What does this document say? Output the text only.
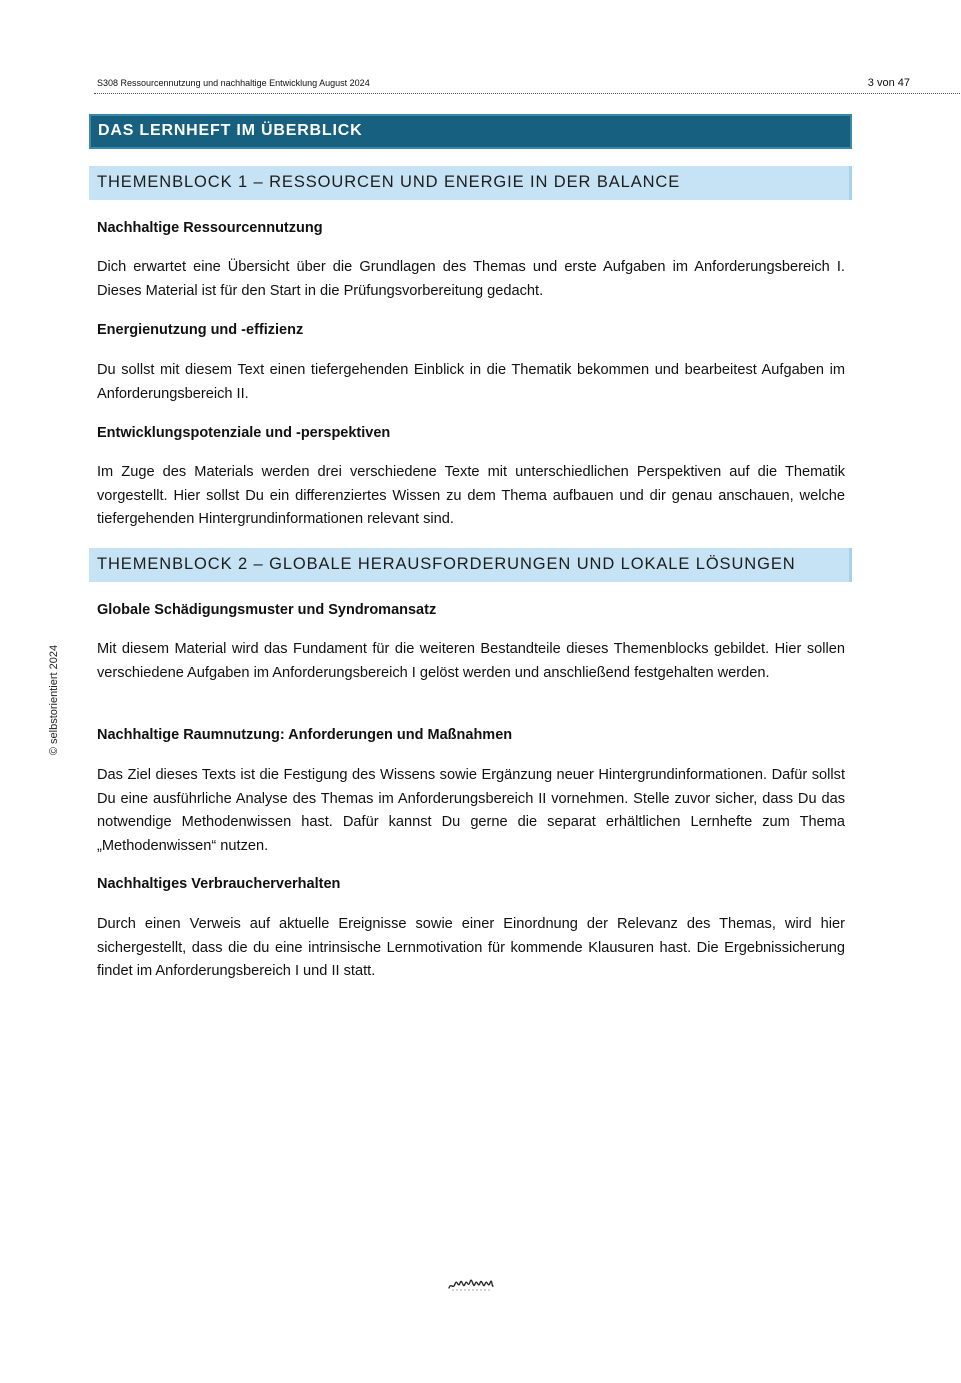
S308 Ressourcennutzung und nachhaltige Entwicklung August 2024	3 von 47
DAS LERNHEFT IM ÜBERBLICK
THEMENBLOCK 1 – RESSOURCEN UND ENERGIE IN DER BALANCE
Nachhaltige Ressourcennutzung

Dich erwartet eine Übersicht über die Grundlagen des Themas und erste Aufgaben im Anforderungsbereich I. Dieses Material ist für den Start in die Prüfungsvorbereitung gedacht.

Energienutzung und -effizienz

Du sollst mit diesem Text einen tiefergehenden Einblick in die Thematik bekommen und bearbeitest Aufgaben im Anforderungsbereich II.

Entwicklungspotenziale und -perspektiven

Im Zuge des Materials werden drei verschiedene Texte mit unterschiedlichen Perspektiven auf die Thematik vorgestellt. Hier sollst Du ein differenziertes Wissen zu dem Thema aufbauen und dir genau anschauen, welche tiefergehenden Hintergrundinformationen relevant sind.

THEMENBLOCK 2 – GLOBALE HERAUSFORDERUNGEN UND LOKALE LÖSUNGEN
Globale Schädigungsmuster und Syndromansatz

Mit diesem Material wird das Fundament für die weiteren Bestandteile dieses Themenblocks gebildet. Hier sollen verschiedene Aufgaben im Anforderungsbereich I gelöst werden und anschließend festgehalten werden.

Nachhaltige Raumnutzung: Anforderungen und Maßnahmen

Das Ziel dieses Texts ist die Festigung des Wissens sowie Ergänzung neuer Hintergrundinformationen. Dafür sollst Du eine ausführliche Analyse des Themas im Anforderungsbereich II vornehmen. Stelle zuvor sicher, dass Du das notwendige Methodenwissen hast. Dafür kannst Du gerne die separat erhältlichen Lernhefte zum Thema „Methodenwissen“ nutzen.

Nachhaltiges Verbraucherverhalten

Durch einen Verweis auf aktuelle Ereignisse sowie einer Einordnung der Relevanz des Themas, wird hier sichergestellt, dass die du eine intrinsische Lernmotivation für kommende Klausuren hast. Die Ergebnissicherung findet im Anforderungsbereich I und II statt.

© selbstorientiert 2024
